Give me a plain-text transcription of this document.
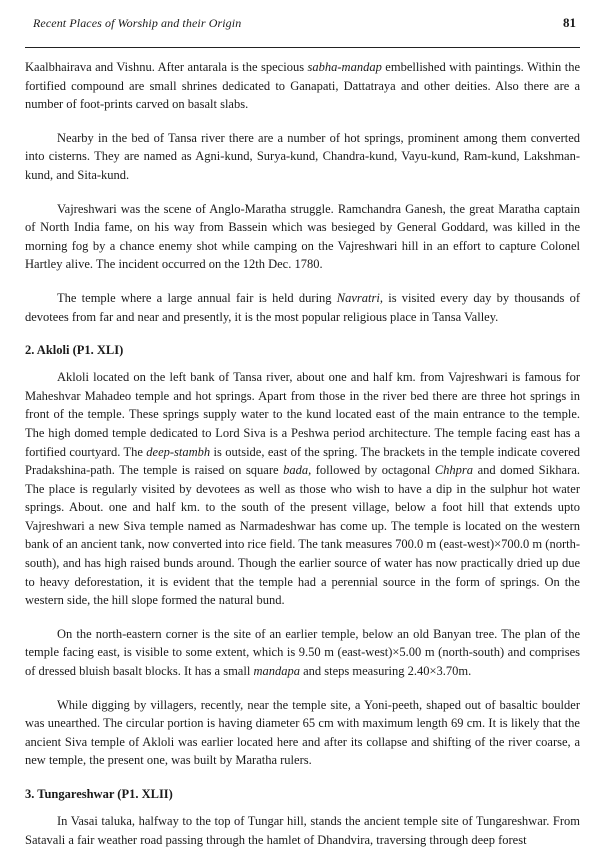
Recent Places of Worship and their Origin	81

Kaalbhairava and Vishnu. After antarala is the specious sabha-mandap embellished with paintings. Within the fortified compound are small shrines dedicated to Ganapati, Dattatraya and other deities. Also there are a number of foot-prints carved on basalt slabs.

Nearby in the bed of Tansa river there are a number of hot springs, prominent among them converted into cisterns. They are named as Agni-kund, Surya-kund, Chandra-kund, Vayu-kund, Ram-kund, Lakshman-kund, and Sita-kund.

Vajreshwari was the scene of Anglo-Maratha struggle. Ramchandra Ganesh, the great Maratha captain of North India fame, on his way from Bassein which was besieged by General Goddard, was killed in the morning fog by a chance enemy shot while camping on the Vajreshwari hill in an effort to capture Colonel Hartley alive. The incident occurred on the 12th Dec. 1780.

The temple where a large annual fair is held during Navratri, is visited every day by thousands of devotees from far and near and presently, it is the most popular religious place in Tansa Valley.

2. Akloli (P1. XLI)

Akloli located on the left bank of Tansa river, about one and half km. from Vajreshwari is famous for Maheshvar Mahadeo temple and hot springs. Apart from those in the river bed there are three hot springs in front of the temple. These springs supply water to the kund located east of the main entrance to the temple. The high domed temple dedicated to Lord Siva is a Peshwa period architecture. The temple facing east has a fortified courtyard. The deep-stambh is outside, east of the spring. The brackets in the temple indicate covered Pradakshina-path. The temple is raised on square bada, followed by octagonal Chhpra and domed Sikhara. The place is regularly visited by devotees as well as those who wish to have a dip in the sulphur hot water springs. About. one and half km. to the south of the present village, below a foot hill that extends upto Vajreshwari a new Siva temple named as Narmadeshwar has come up. The temple is located on the western bank of an ancient tank, now converted into rice field. The tank measures 700.0 m (east-west)×700.0 m (north-south), and has high raised bunds around. Though the earlier source of water has now practically dried up due to heavy deforestation, it is evident that the temple had a perennial source in the form of springs. On the western side, the hill slope formed the natural bund.

On the north-eastern corner is the site of an earlier temple, below an old Banyan tree. The plan of the temple facing east, is visible to some extent, which is 9.50 m (east-west)×5.00 m (north-south) and comprises of dressed bluish basalt blocks. It has a small mandapa and steps measuring 2.40×3.70m.

While digging by villagers, recently, near the temple site, a Yoni-peeth, shaped out of basaltic boulder was unearthed. The circular portion is having diameter 65 cm with maximum length 69 cm. It is likely that the ancient Siva temple of Akloli was earlier located here and after its collapse and shifting of the river coarse, a new temple, the present one, was built by Maratha rulers.

3. Tungareshwar (P1. XLII)

In Vasai taluka, halfway to the top of Tungar hill, stands the ancient temple site of Tungareshwar. From Satavali a fair weather road passing through the hamlet of Dhandvira, traversing through deep forest
